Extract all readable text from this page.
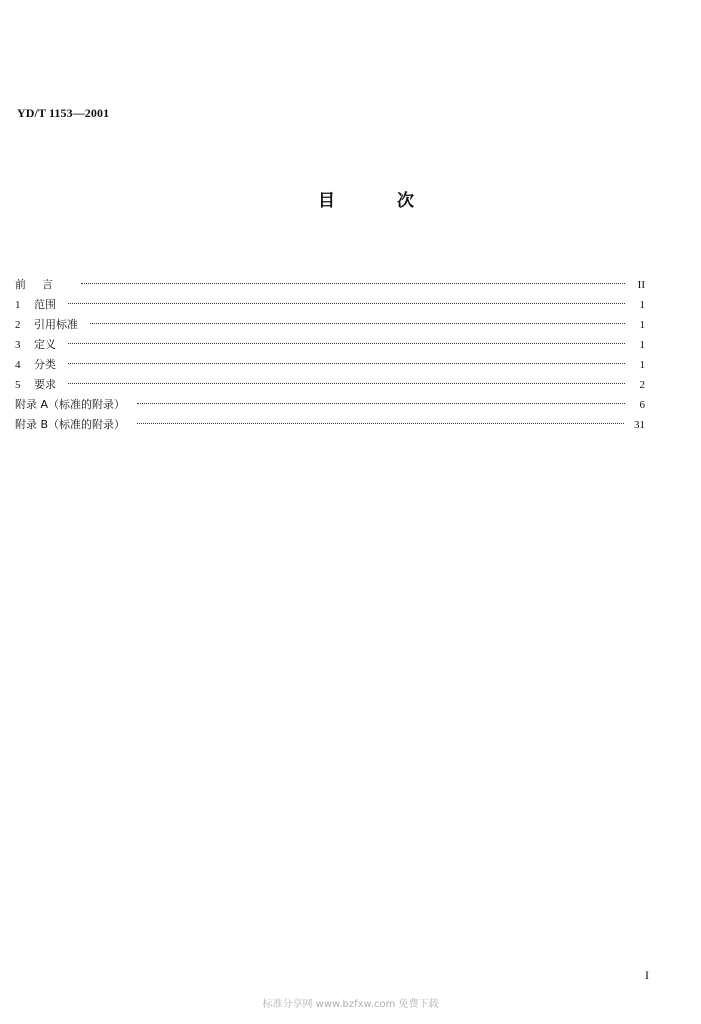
YD/T 1153—2001
目次
前言	II
1	范围	1
2	引用标准	1
3	定义	1
4	分类	1
5	要求	2
附录 A（标准的附录）	6
附录 B（标准的附录）	31
I
标准分享网 www.bzfxw.com 免费下载
